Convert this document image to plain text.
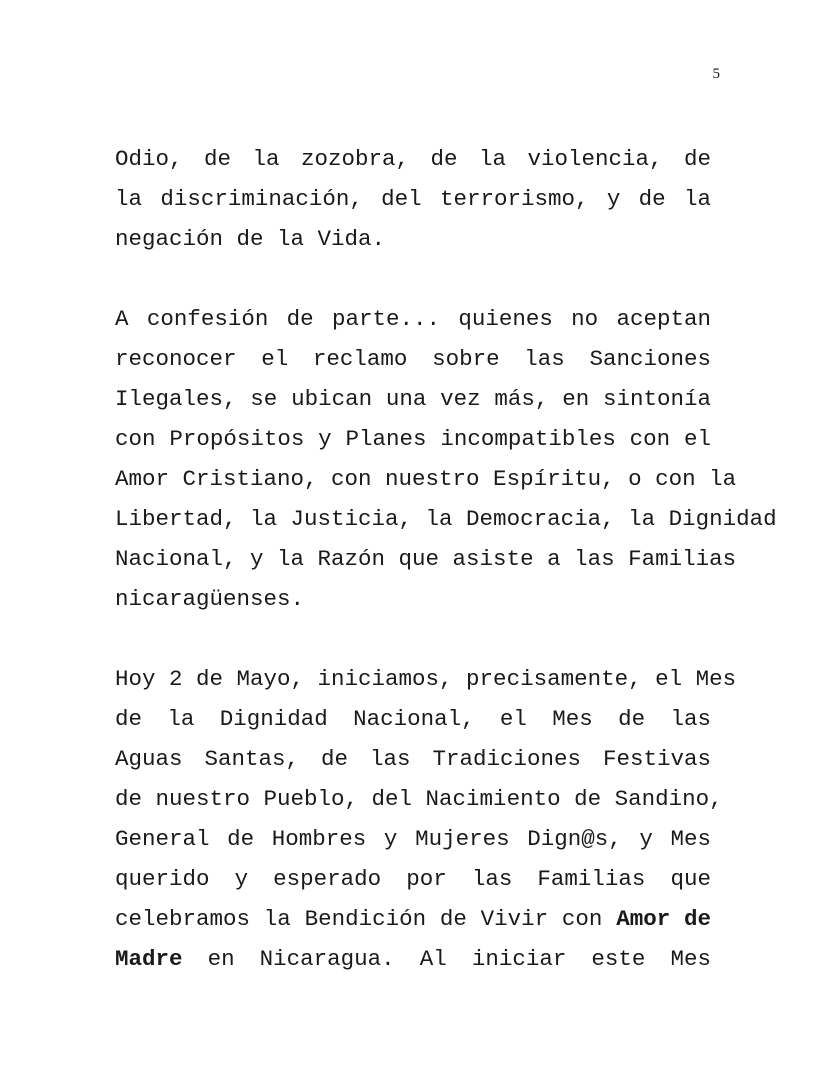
5
Odio, de la zozobra, de la violencia, de
la discriminación, del terrorismo, y de la
negación de la Vida.
A confesión de parte... quienes no aceptan
reconocer el reclamo sobre las Sanciones
Ilegales, se ubican una vez más, en sintonía
con Propósitos y Planes incompatibles con el
Amor Cristiano, con nuestro Espíritu, o con la
Libertad, la Justicia, la Democracia, la Dignidad
Nacional, y la Razón que asiste a las Familias
nicaragüenses.
Hoy 2 de Mayo, iniciamos, precisamente, el Mes
de la Dignidad Nacional, el Mes de las
Aguas Santas, de las Tradiciones Festivas
de nuestro Pueblo, del Nacimiento de Sandino,
General de Hombres y Mujeres Dign@s, y Mes
querido y esperado por las Familias que
celebramos la Bendición de Vivir con Amor de
Madre en Nicaragua. Al iniciar este Mes
